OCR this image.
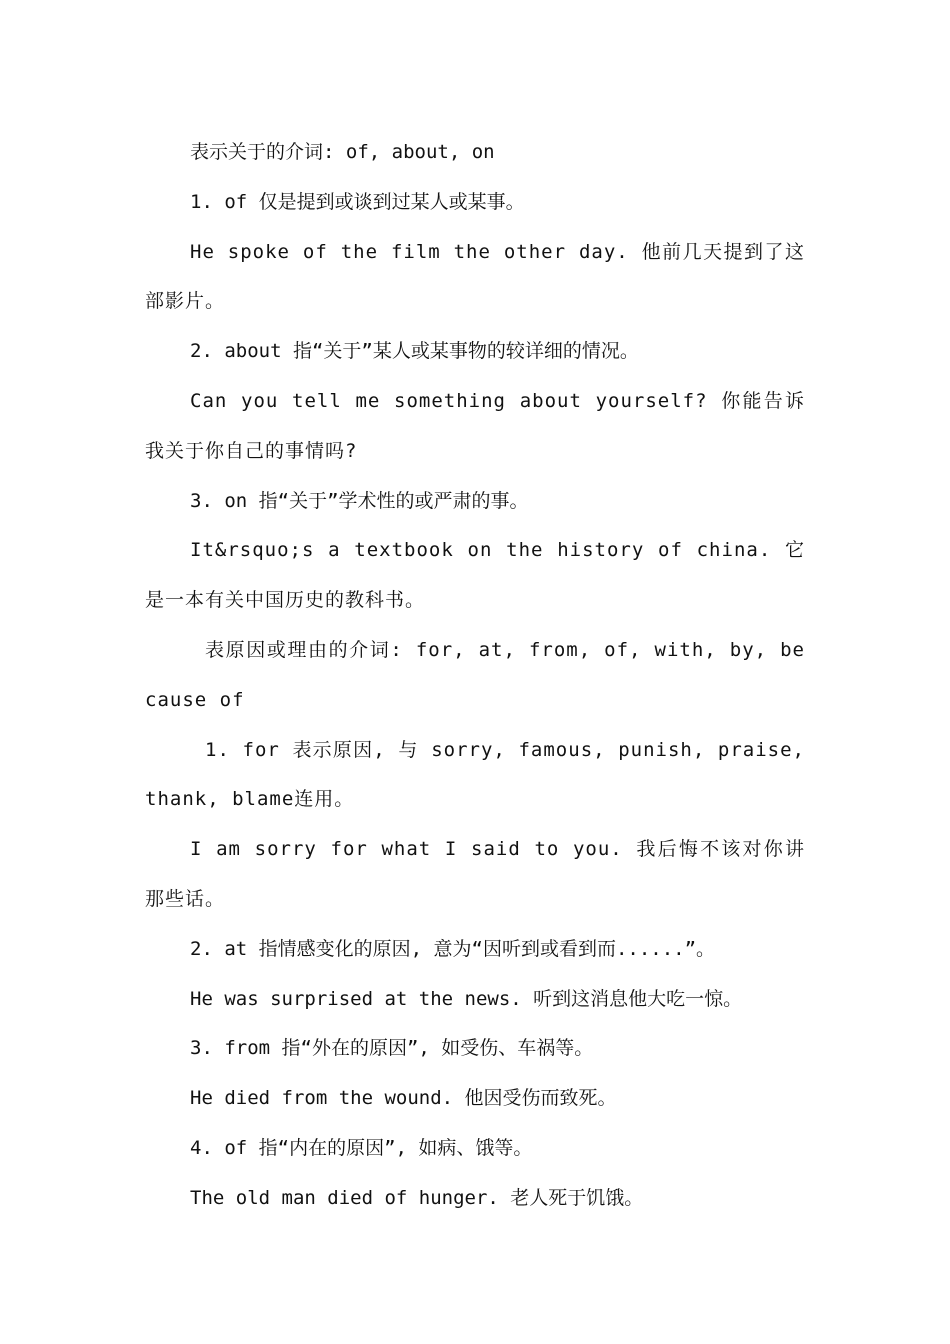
表示关于的介词: of, about, on

1. of 仅是提到或谈到过某人或某事。

He spoke of the film the other day. 他前几天提到了这部影片。

2. about 指“关于”某人或某事物的较详细的情况。

Can you tell me something about yourself? 你能告诉我关于你自己的事情吗?

3. on 指“关于”学术性的或严肃的事。

It&rsquo;s a textbook on the history of china. 它是一本有关中国历史的教科书。

表原因或理由的介词: for, at, from, of, with, by, because of

1. for 表示原因, 与 sorry, famous, punish, praise, thank, blame连用。

I am sorry for what I said to you. 我后悔不该对你讲那些话。

2. at 指情感变化的原因, 意为“因听到或看到而......”。

He was surprised at the news. 听到这消息他大吃一惊。

3. from 指“外在的原因”, 如受伤、车祸等。

He died from the wound. 他因受伤而致死。

4. of 指“内在的原因”, 如病、饿等。

The old man died of hunger. 老人死于饥饿。
